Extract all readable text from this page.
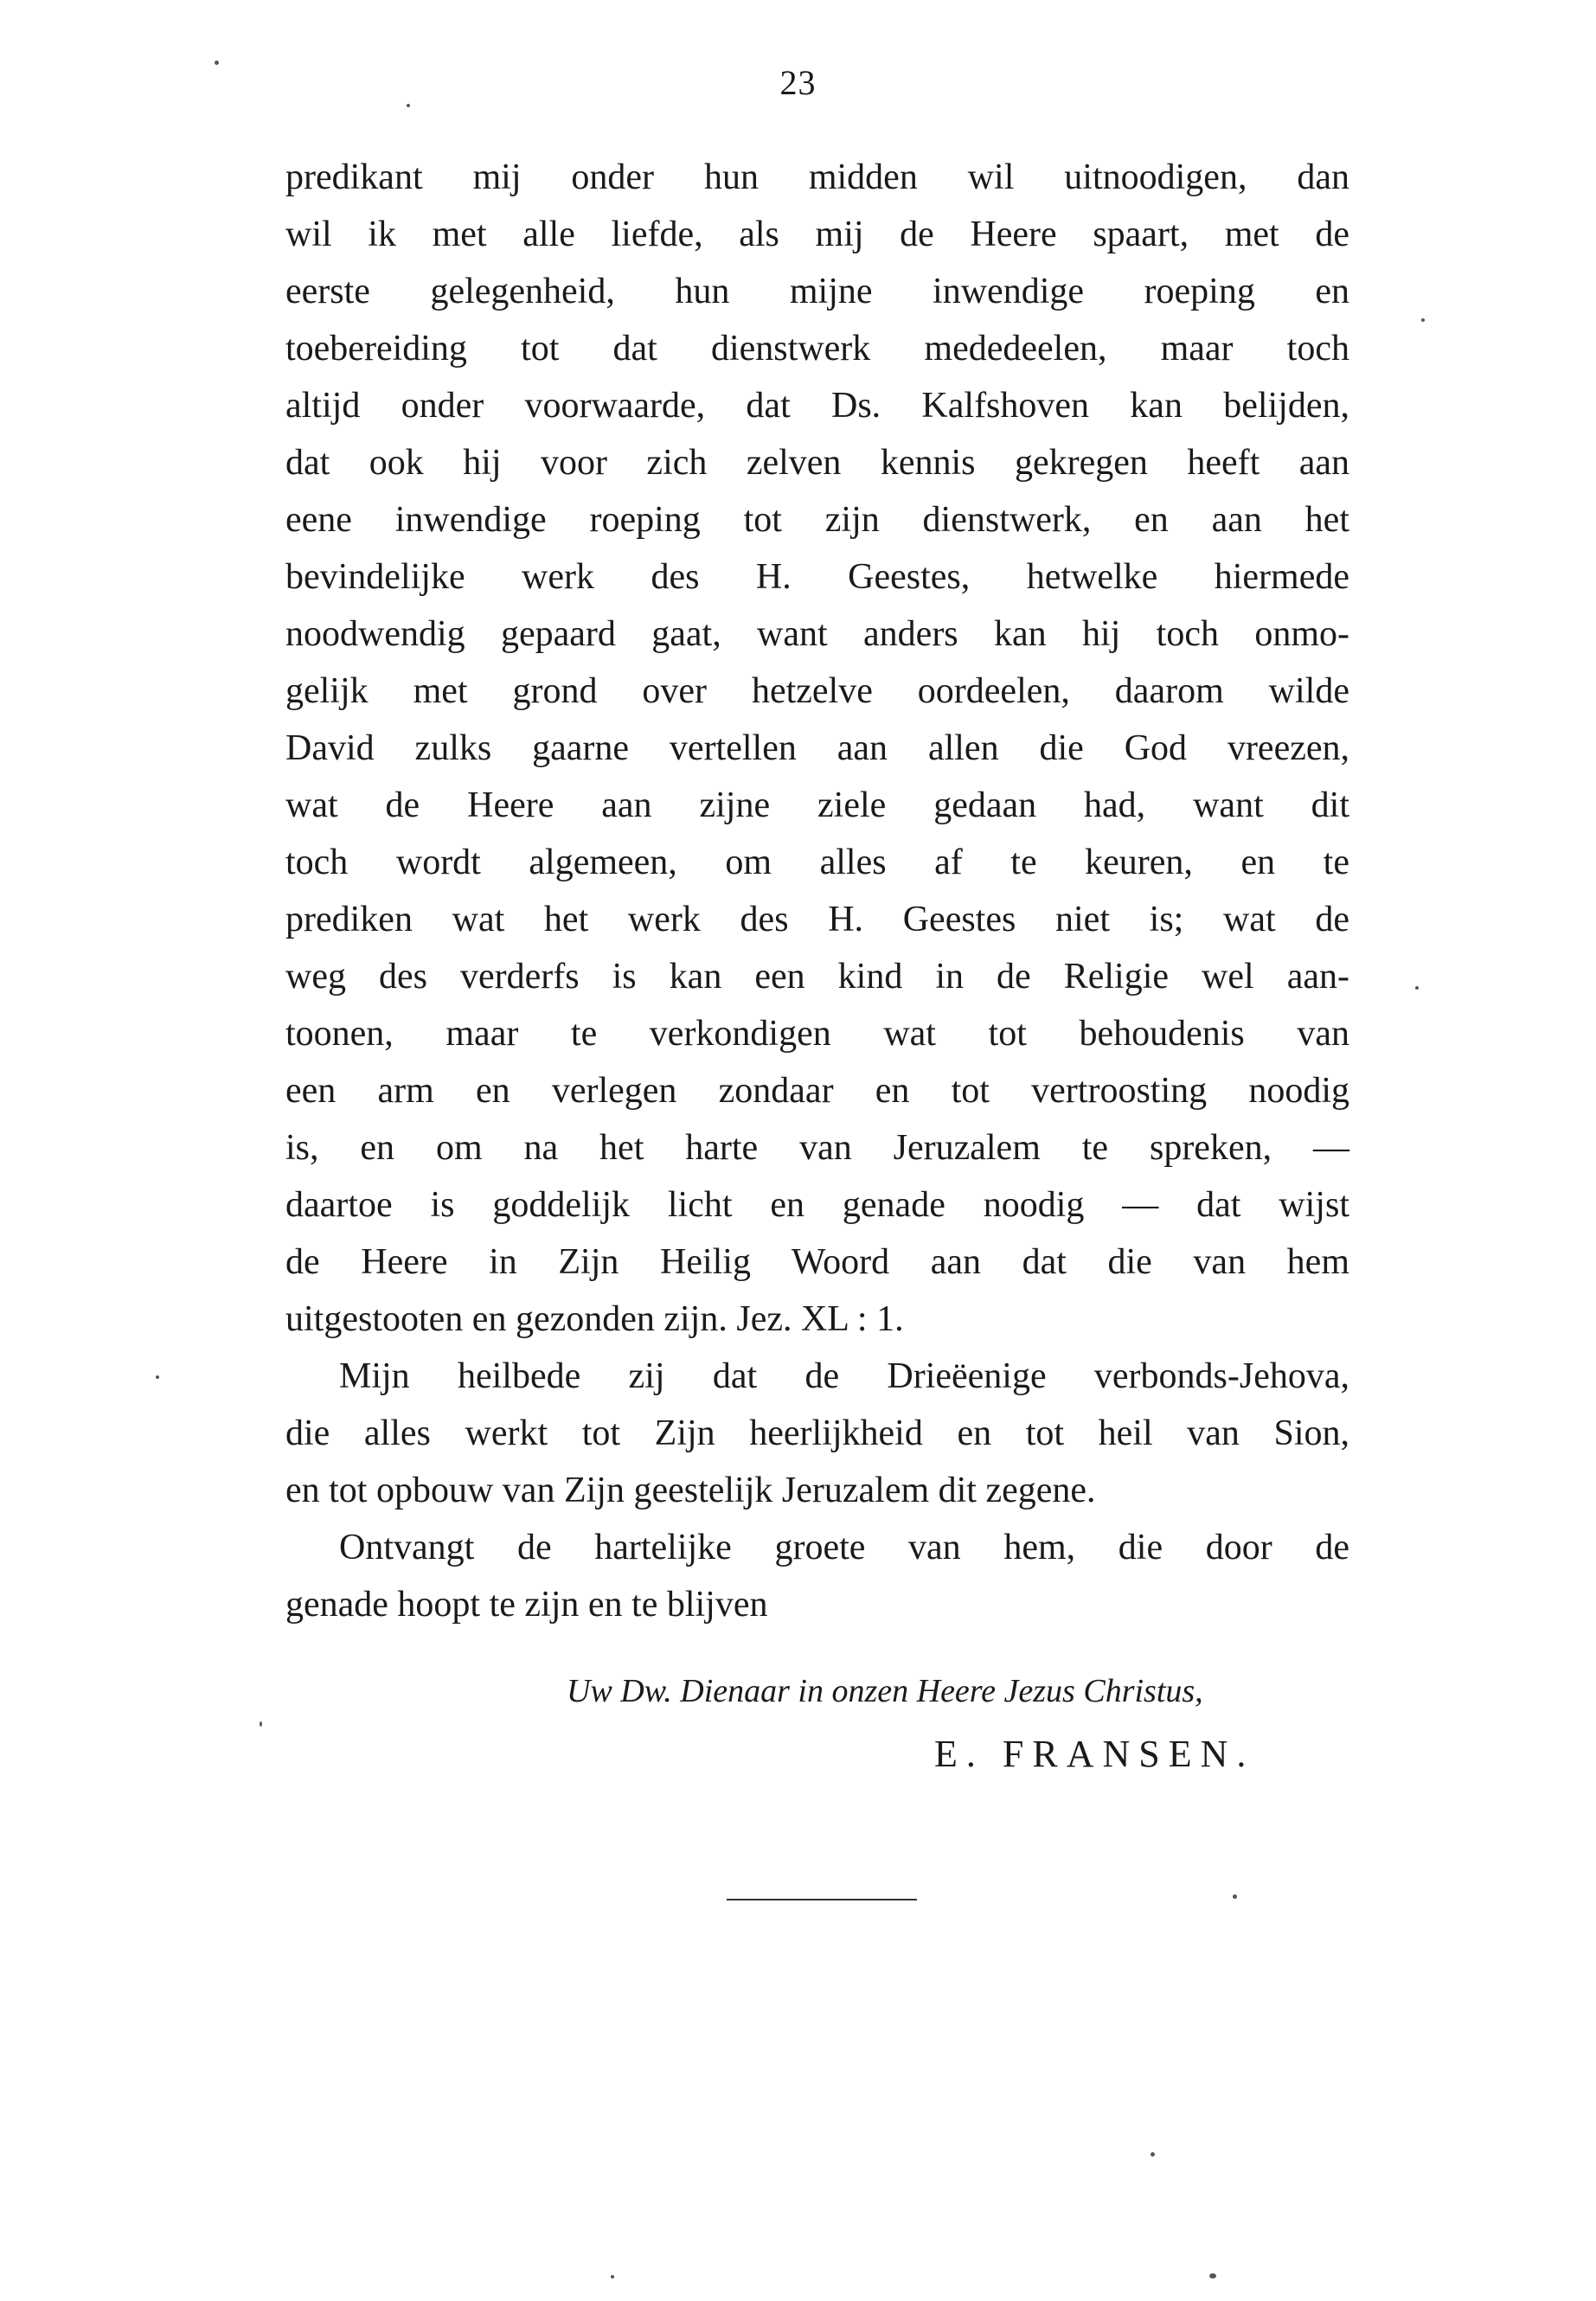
23
predikant mij onder hun midden wil uitnoodigen, dan
wil ik met alle liefde, als mij de Heere spaart, met de
eerste gelegenheid, hun mijne inwendige roeping en
toebereiding tot dat dienstwerk mededeelen, maar toch
altijd onder voorwaarde, dat Ds. Kalfshoven kan belijden,
dat ook hij voor zich zelven kennis gekregen heeft aan
eene inwendige roeping tot zijn dienstwerk, en aan het
bevindelijke werk des H. Geestes, hetwelke hiermede
noodwendig gepaard gaat, want anders kan hij toch onmo-
gelijk met grond over hetzelve oordeelen, daarom wilde
David zulks gaarne vertellen aan allen die God vreezen,
wat de Heere aan zijne ziele gedaan had, want dit
toch wordt algemeen, om alles af te keuren, en te
prediken wat het werk des H. Geestes niet is; wat de
weg des verderfs is kan een kind in de Religie wel aan-
toonen, maar te verkondigen wat tot behoudenis van
een arm en verlegen zondaar en tot vertroosting noodig
is, en om na het harte van Jeruzalem te spreken, —
daartoe is goddelijk licht en genade noodig — dat wijst
de Heere in Zijn Heilig Woord aan dat die van hem
uitgestooten en gezonden zijn. Jez. XL : 1.
Mijn heilbede zij dat de Drieëenige verbonds-Jehova,
die alles werkt tot Zijn heerlijkheid en tot heil van Sion,
en tot opbouw van Zijn geestelijk Jeruzalem dit zegene.
Ontvangt de hartelijke groete van hem, die door de
genade hoopt te zijn en te blijven
Uw Dw. Dienaar in onzen Heere Jezus Christus,
E. FRANSEN.
